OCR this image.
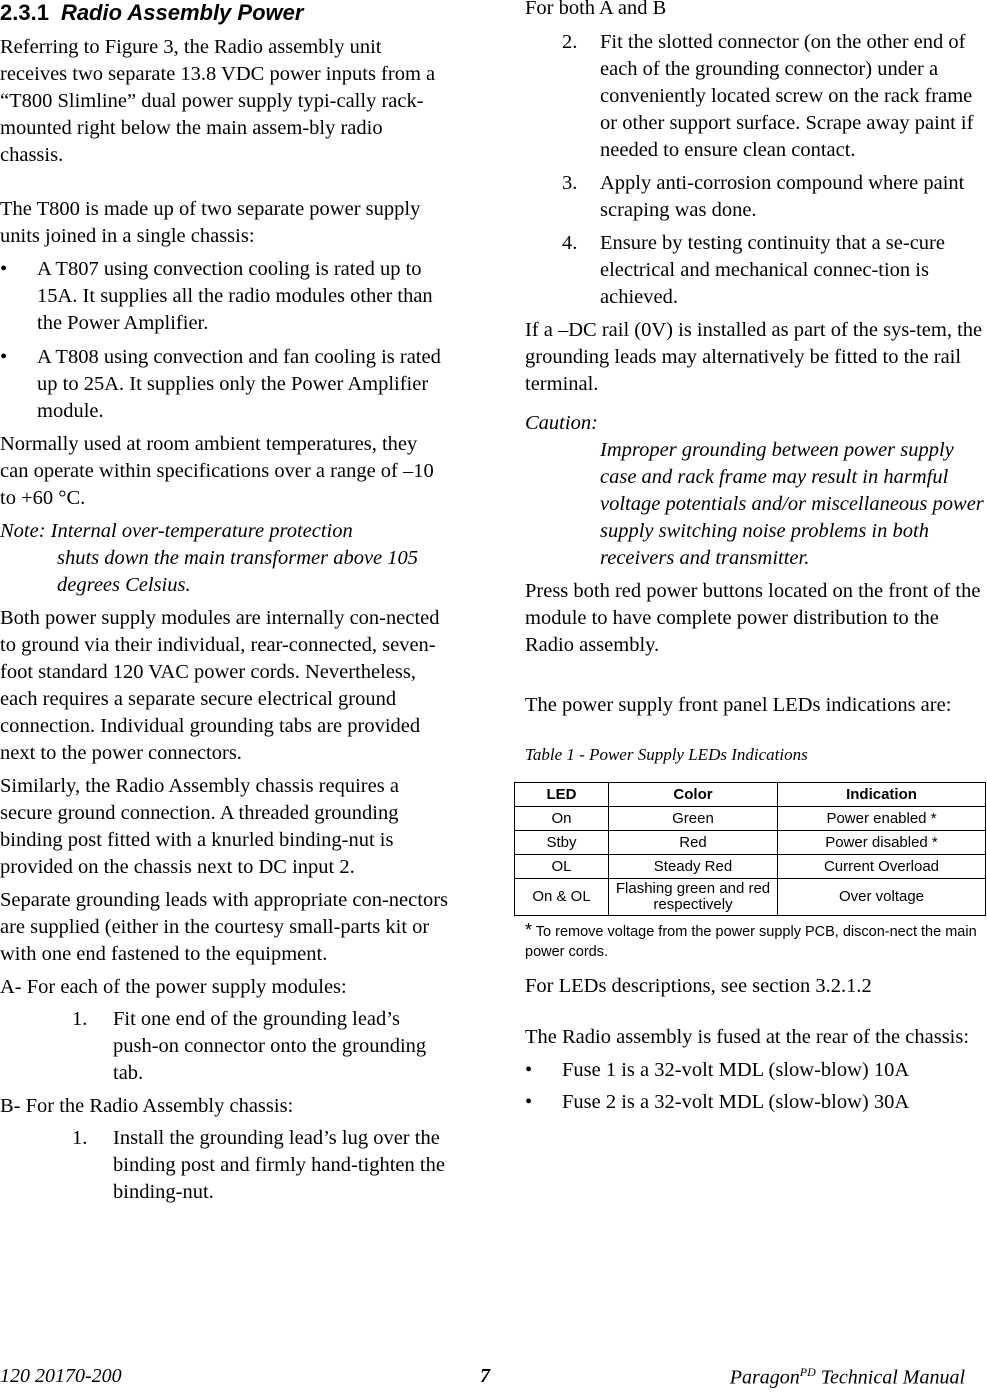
2.3.1 Radio Assembly Power

Referring to Figure 3, the Radio assembly unit receives two separate 13.8 VDC power inputs from a “T800 Slimline” dual power supply typi-cally rack-mounted right below the main assem-bly radio chassis.

The T800 is made up of two separate power supply units joined in a single chassis:

• A T807 using convection cooling is rated up to 15A. It supplies all the radio modules other than the Power Amplifier.
• A T808 using convection and fan cooling is rated up to 25A. It supplies only the Power Amplifier module.

Normally used at room ambient temperatures, they can operate within specifications over a range of –10 to +60 °C.

Note: Internal over-temperature protection
shuts down the main transformer above 105 degrees Celsius.

Both power supply modules are internally con-nected to ground via their individual, rear-connected, seven-foot standard 120 VAC power cords. Nevertheless, each requires a separate secure electrical ground connection. Individual grounding tabs are provided next to the power connectors.

Similarly, the Radio Assembly chassis requires a secure ground connection. A threaded grounding binding post fitted with a knurled binding-nut is provided on the chassis next to DC input 2.

Separate grounding leads with appropriate con-nectors are supplied (either in the courtesy small-parts kit or with one end fastened to the equipment.

A- For each of the power supply modules:

1.	Fit one end of the grounding lead’s push-on connector onto the grounding tab.

B- For the Radio Assembly chassis:

1.	Install the grounding lead’s lug over the binding post and firmly hand-tighten the binding-nut.

For both A and B

2.	Fit the slotted connector (on the other end of each of the grounding connector) under a conveniently located screw on the rack frame or other support surface. Scrape away paint if needed to ensure clean contact.
3.	Apply anti-corrosion compound where paint scraping was done.
4.	Ensure by testing continuity that a se-cure electrical and mechanical connec-tion is achieved.

If a –DC rail (0V) is installed as part of the sys-tem, the grounding leads may alternatively be fitted to the rail terminal.

Caution:

Improper grounding between power supply case and rack frame may result in harmful voltage potentials and/or miscellaneous power supply switching noise problems in both receivers and transmitter.

Press both red power buttons located on the front of the module to have complete power distribution to the Radio assembly.

The power supply front panel LEDs indications are:

Table 1 - Power Supply LEDs Indications

LED	Color	Indication
On	Green	Power enabled *
Stby	Red	Power disabled *
OL	Steady Red	Current Overload
On & OL	Flashing green and red respectively	Over voltage

* To remove voltage from the power supply PCB, discon-nect the main power cords.

For LEDs descriptions, see section 3.2.1.2

The Radio assembly is fused at the rear of the chassis:

• Fuse 1 is a 32-volt MDL (slow-blow) 10A
• Fuse 2 is a 32-volt MDL (slow-blow) 30A
120 20170-200	7	Paragon$^{PD}$ Technical Manual
